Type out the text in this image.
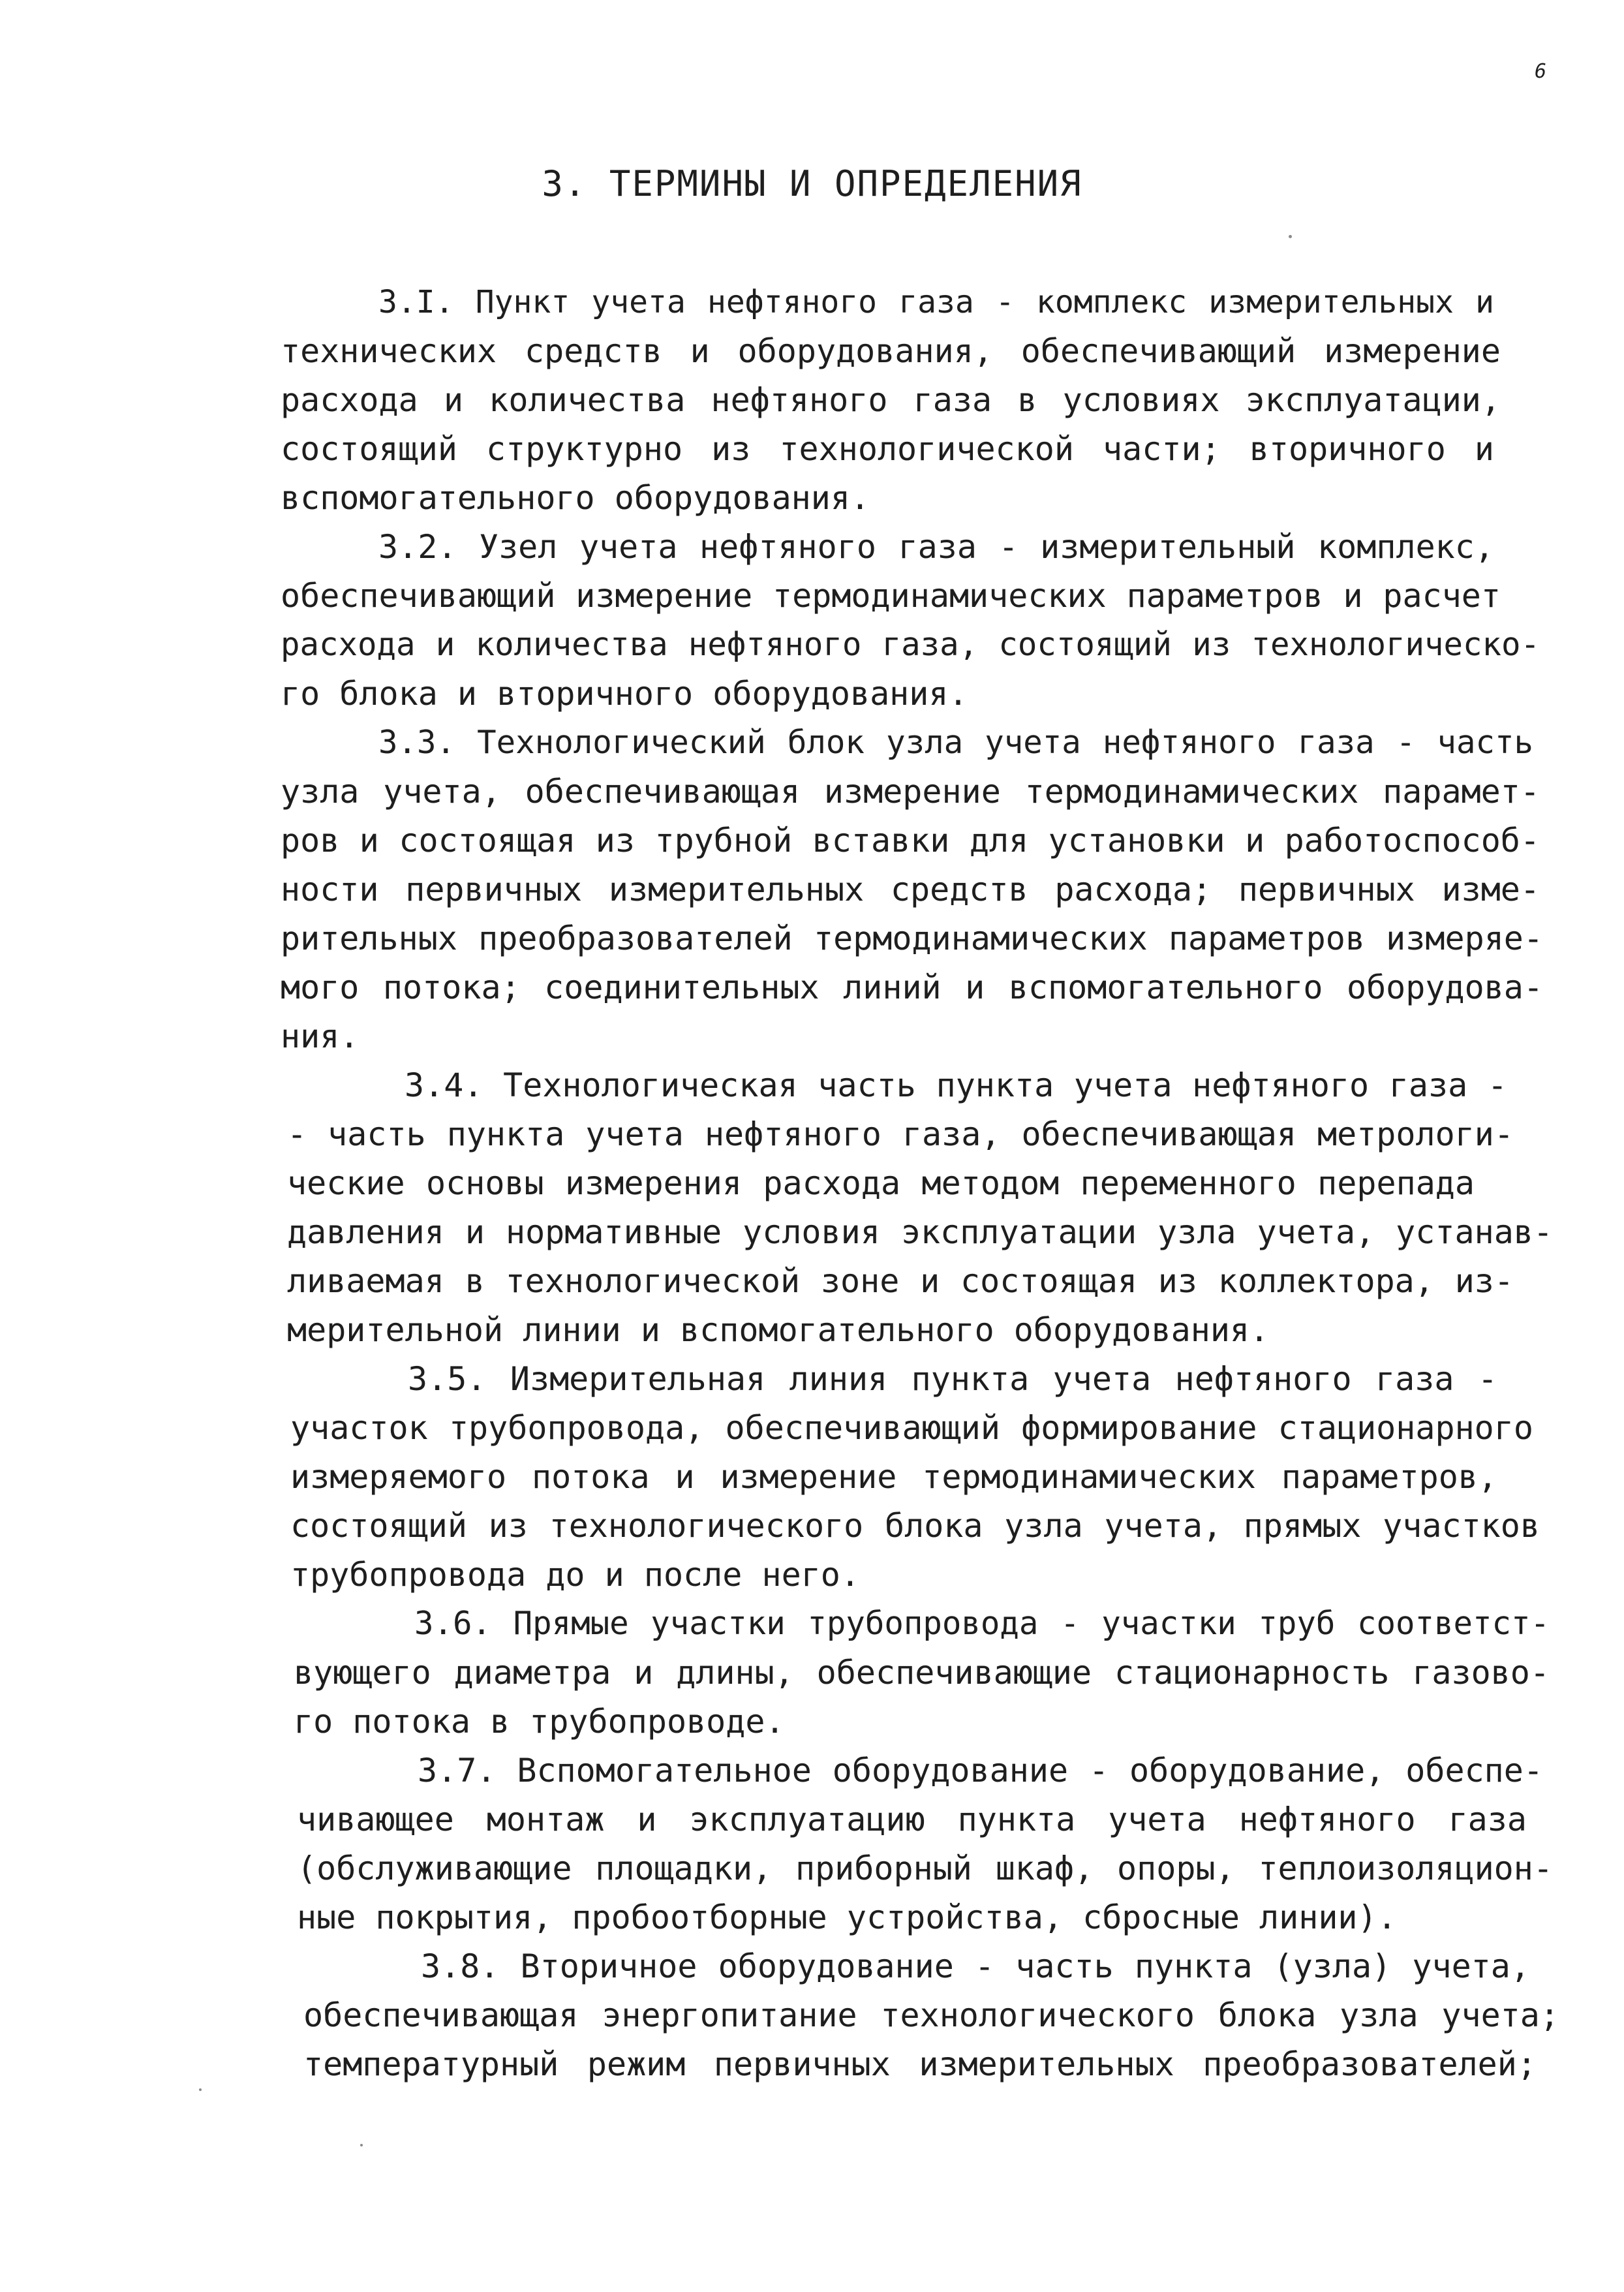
6
3. ТЕРМИНЫ И ОПРЕДЕЛЕНИЯ
3.I. Пункт учета нефтяного газа - комплекс измерительных и
технических средств и оборудования, обеспечивающий измерение
расхода и количества нефтяного газа в условиях эксплуатации,
состоящий структурно из технологической части; вторичного и
вспомогательного оборудования.
3.2. Узел учета нефтяного газа - измерительный комплекс,
обеспечивающий измерение термодинамических параметров и расчет
расхода и количества нефтяного газа, состоящий из технологическо-
го блока и вторичного оборудования.
3.3. Технологический блок узла учета нефтяного газа - часть
узла учета, обеспечивающая измерение термодинамических парамет-
ров и состоящая из трубной вставки для установки и работоспособ-
ности первичных измерительных средств расхода; первичных изме-
рительных преобразователей термодинамических параметров измеряе-
мого потока; соединительных линий и вспомогательного оборудова-
ния.
3.4. Технологическая часть пункта учета нефтяного газа -
- часть пункта учета нефтяного газа, обеспечивающая метрологи-
ческие основы измерения расхода методом переменного перепада
давления и нормативные условия эксплуатации узла учета, устанав-
ливаемая в технологической зоне и состоящая из коллектора, из-
мерительной линии и вспомогательного оборудования.
3.5. Измерительная линия пункта учета нефтяного газа -
участок трубопровода, обеспечивающий формирование стационарного
измеряемого потока и измерение термодинамических параметров,
состоящий из технологического блока узла учета, прямых участков
трубопровода до и после него.
3.6. Прямые участки трубопровода - участки труб соответст-
вующего диаметра и длины, обеспечивающие стационарность газово-
го потока в трубопроводе.
3.7. Вспомогательное оборудование - оборудование, обеспе-
чивающее монтаж и эксплуатацию пункта учета нефтяного газа
(обслуживающие площадки, приборный шкаф, опоры, теплоизоляцион-
ные покрытия, пробоотборные устройства, сбросные линии).
3.8. Вторичное оборудование - часть пункта (узла) учета,
обеспечивающая энергопитание технологического блока узла учета;
температурный режим первичных измерительных преобразователей;
